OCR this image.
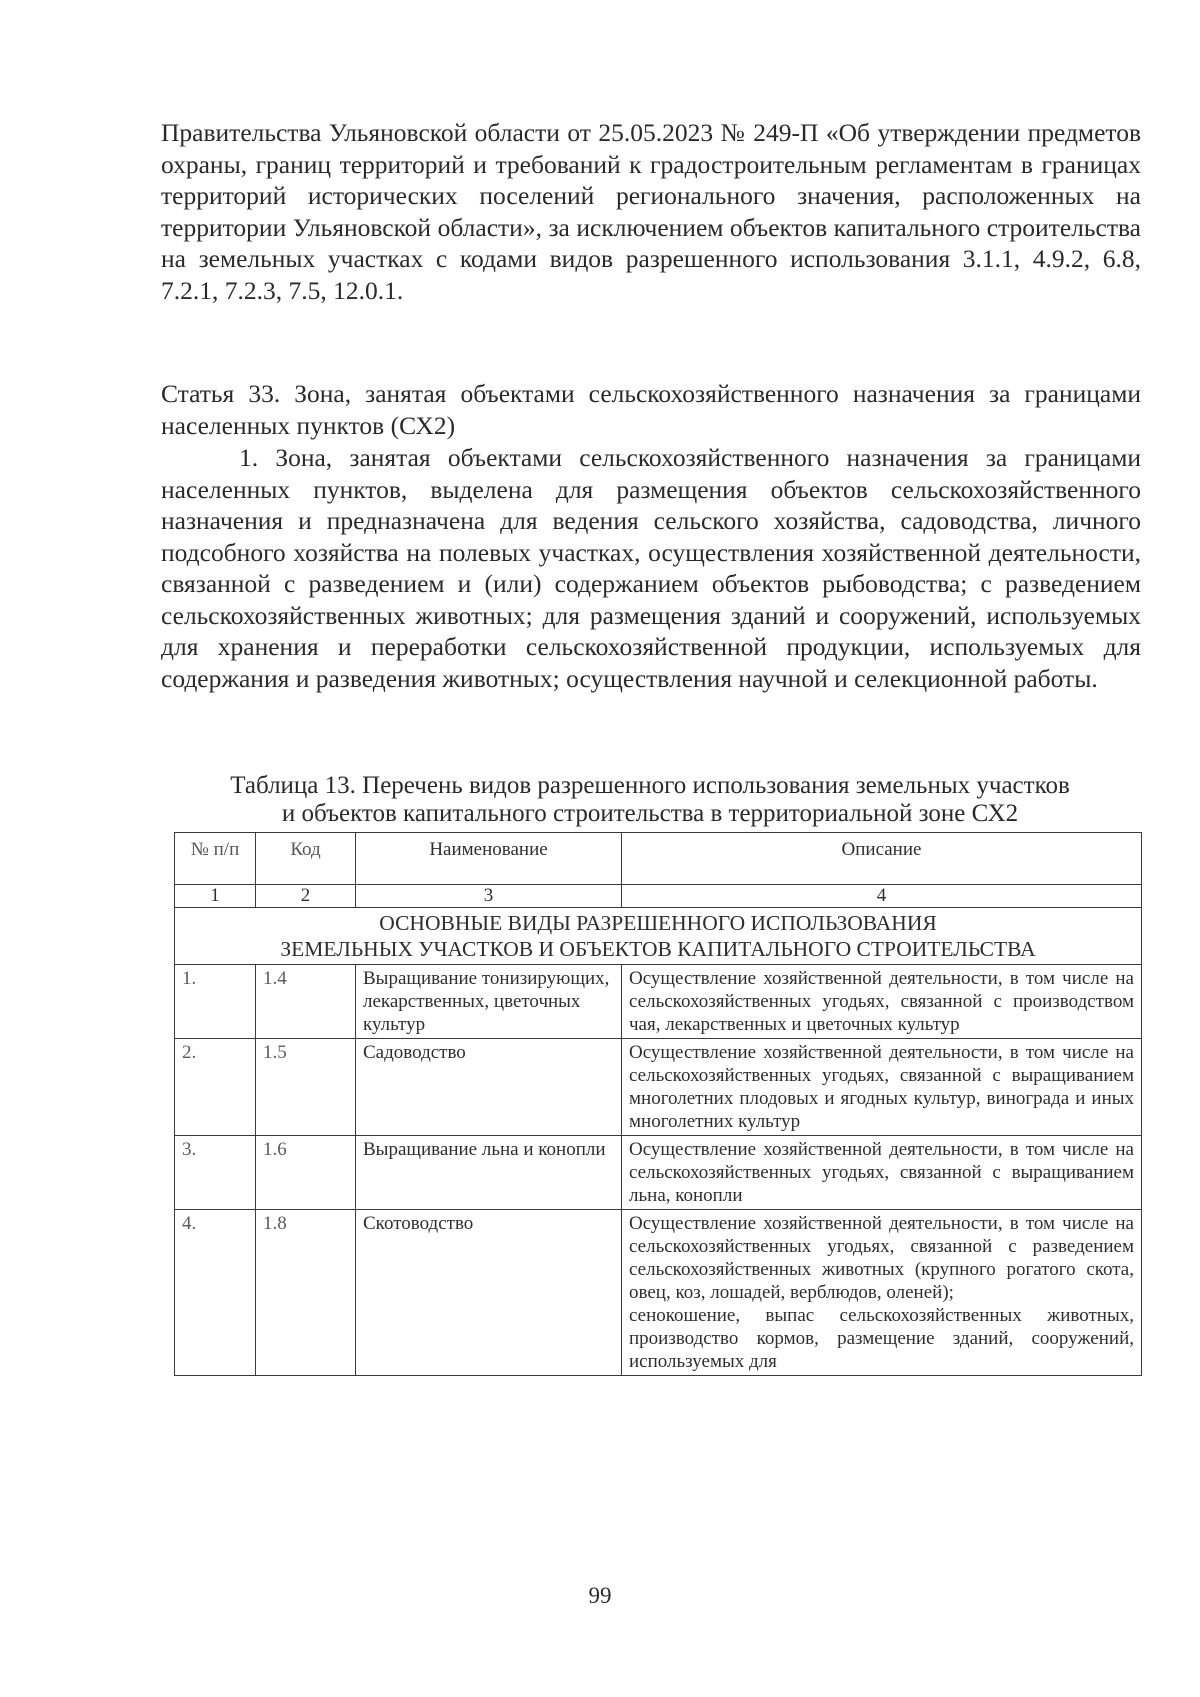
Правительства Ульяновской области от 25.05.2023 № 249-П «Об утверждении предметов охраны, границ территорий и требований к градостроительным регламентам в границах территорий исторических поселений регионального значения, расположенных на территории Ульяновской области», за исключением объектов капитального строительства на земельных участках с кодами видов разрешенного использования 3.1.1, 4.9.2, 6.8, 7.2.1, 7.2.3, 7.5, 12.0.1.

Статья 33. Зона, занятая объектами сельскохозяйственного назначения за границами населенных пунктов (СХ2)

1. Зона, занятая объектами сельскохозяйственного назначения за границами населенных пунктов, выделена для размещения объектов сельскохозяйственного назначения и предназначена для ведения сельского хозяйства, садоводства, личного подсобного хозяйства на полевых участках, осуществления хозяйственной деятельности, связанной с разведением и (или) содержанием объектов рыбоводства; с разведением сельскохозяйственных животных; для размещения зданий и сооружений, используемых для хранения и переработки сельскохозяйственной продукции, используемых для содержания и разведения животных; осуществления научной и селекционной работы.

Таблица 13. Перечень видов разрешенного использования земельных участков
и объектов капитального строительства в территориальной зоне СХ2
№ п/п	Код	Наименование	Описание
1	2	3	4

ОСНОВНЫЕ ВИДЫ РАЗРЕШЕННОГО ИСПОЛЬЗОВАНИЯ
ЗЕМЕЛЬНЫХ УЧАСТКОВ И ОБЪЕКТОВ КАПИТАЛЬНОГО СТРОИТЕЛЬСТВА			

1.	1.4	Выращивание тонизирующих, лекарственных, цветочных культур	Осуществление хозяйственной деятельности, в том числе на сельскохозяйственных угодьях, связанной с производством чая, лекарственных и цветочных культур
2.	1.5	Садоводство	Осуществление хозяйственной деятельности, в том числе на сельскохозяйственных угодьях, связанной с выращиванием многолетних плодовых и ягодных культур, винограда и иных многолетних культур
3.	1.6	Выращивание льна и конопли	Осуществление хозяйственной деятельности, в том числе на сельскохозяйственных угодьях, связанной с выращиванием льна, конопли
4.	1.8	Скотоводство	Осуществление хозяйственной деятельности, в том числе на сельскохозяйственных угодьях, связанной с разведением сельскохозяйственных животных (крупного рогатого скота, овец, коз, лошадей, верблюдов, оленей);
сенокошение, выпас сельскохозяйственных животных, производство кормов, размещение зданий, сооружений, используемых для
99
